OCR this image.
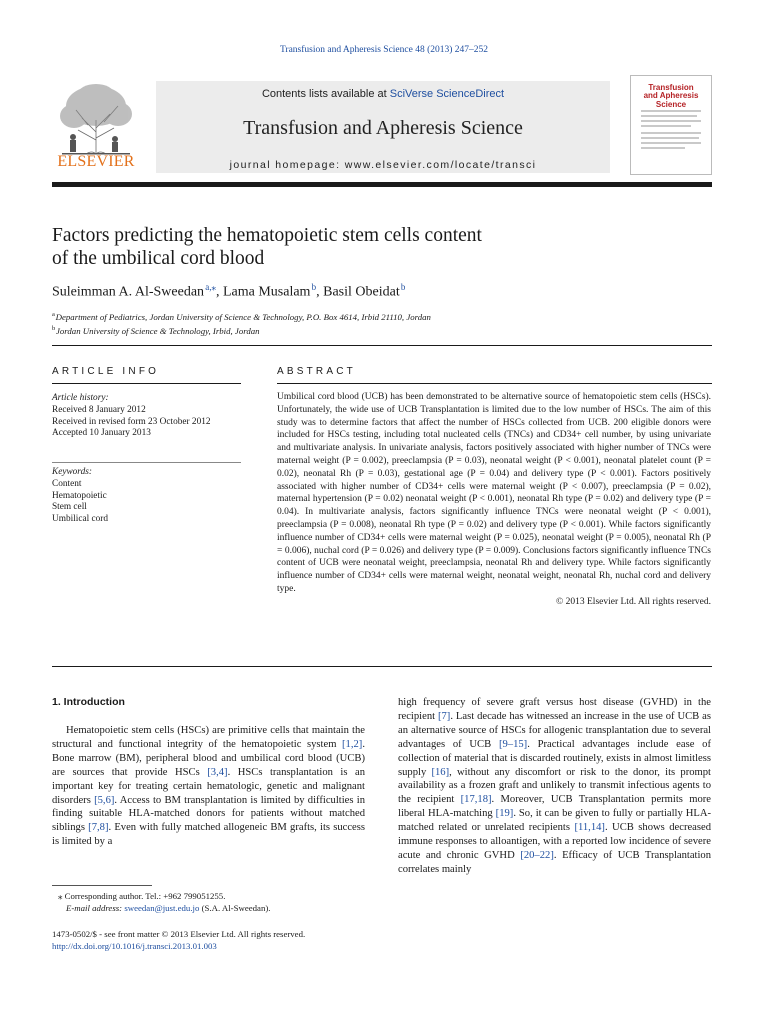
Transfusion and Apheresis Science 48 (2013) 247–252
ELSEVIER
Contents lists available at SciVerse ScienceDirect
Transfusion and Apheresis Science
journal homepage: www.elsevier.com/locate/transci
Transfusion
and Apheresis
Science
Factors predicting the hematopoietic stem cells content
of the umbilical cord blood
Suleimman A. Al-Sweedan $^{a,⁎}$, Lama Musalam $^b$, Basil Obeidat $^b$
$^a$ Department of Pediatrics, Jordan University of Science & Technology, P.O. Box 4614, Irbid 21110, Jordan
$^b$ Jordan University of Science & Technology, Irbid, Jordan
ARTICLE INFO	ABSTRACT
Article history:
Received 8 January 2012
Received in revised form 23 October 2012
Accepted 10 January 2013
Keywords:
Content
Hematopoietic
Stem cell
Umbilical cord
Umbilical cord blood (UCB) has been demonstrated to be alternative source of hematopoietic stem cells (HSCs). Unfortunately, the wide use of UCB Transplantation is limited due to the low number of HSCs. The aim of this study was to determine factors that affect the number of HSCs collected from UCB. 200 eligible donors were included for HSCs testing, including total nucleated cells (TNCs) and CD34+ cell number, by using univariate and multivariate analysis. In univariate analysis, factors positively associated with higher number of TNCs were maternal weight (P = 0.002), preeclampsia (P = 0.03), neonatal weight (P < 0.001), neonatal platelet count (P = 0.02), neonatal Rh (P = 0.03), gestational age (P = 0.04) and delivery type (P < 0.001). Factors positively associated with higher number of CD34+ cells were maternal weight (P < 0.007), preeclampsia (P = 0.02), maternal hypertension (P = 0.02) neonatal weight (P < 0.001), neonatal Rh type (P = 0.02) and delivery type (P = 0.04). In multivariate analysis, factors significantly influence TNCs were neonatal weight (P < 0.001), preeclampsia (P = 0.008), neonatal Rh type (P = 0.02) and delivery type (P < 0.001). While factors significantly influence number of CD34+ cells were maternal weight (P = 0.025), neonatal weight (P = 0.005), neonatal Rh (P = 0.006), nuchal cord (P = 0.026) and delivery type (P = 0.009). Conclusions factors significantly influence TNCs content of UCB were neonatal weight, preeclampsia, neonatal Rh and delivery type. While factors significantly influence number of CD34+ cells were maternal weight, neonatal weight, neonatal Rh, nuchal cord and delivery type.
© 2013 Elsevier Ltd. All rights reserved.
1. Introduction

Hematopoietic stem cells (HSCs) are primitive cells that maintain the structural and functional integrity of the hematopoietic system [1,2]. Bone marrow (BM), peripheral blood and umbilical cord blood (UCB) are sources that provide HSCs [3,4]. HSCs transplantation is an important key for treating certain hematologic, genetic and malignant disorders [5,6]. Access to BM transplantation is limited by difficulties in finding suitable HLA-matched donors for patients without matched siblings [7,8]. Even with fully matched allogeneic BM grafts, its success is limited by a

high frequency of severe graft versus host disease (GVHD) in the recipient [7]. Last decade has witnessed an increase in the use of UCB as an alternative source of HSCs for allogenic transplantation due to several advantages of UCB [9–15]. Practical advantages include ease of collection of material that is discarded routinely, exists in almost limitless supply [16], without any discomfort or risk to the donor, its prompt availability as a frozen graft and unlikely to transmit infectious agents to the recipient [17,18]. Moreover, UCB Transplantation permits more liberal HLA-matching [19]. So, it can be given to fully or partially HLA-matched related or unrelated recipients [11,14]. UCB shows decreased immune responses to alloantigen, with a reported low incidence of severe acute and chronic GVHD [20–22]. Efficacy of UCB Transplantation correlates mainly

⁎ Corresponding author. Tel.: +962 799051255.
E-mail address: sweedan@just.edu.jo (S.A. Al-Sweedan).
1473-0502/$ - see front matter © 2013 Elsevier Ltd. All rights reserved.
http://dx.doi.org/10.1016/j.transci.2013.01.003
